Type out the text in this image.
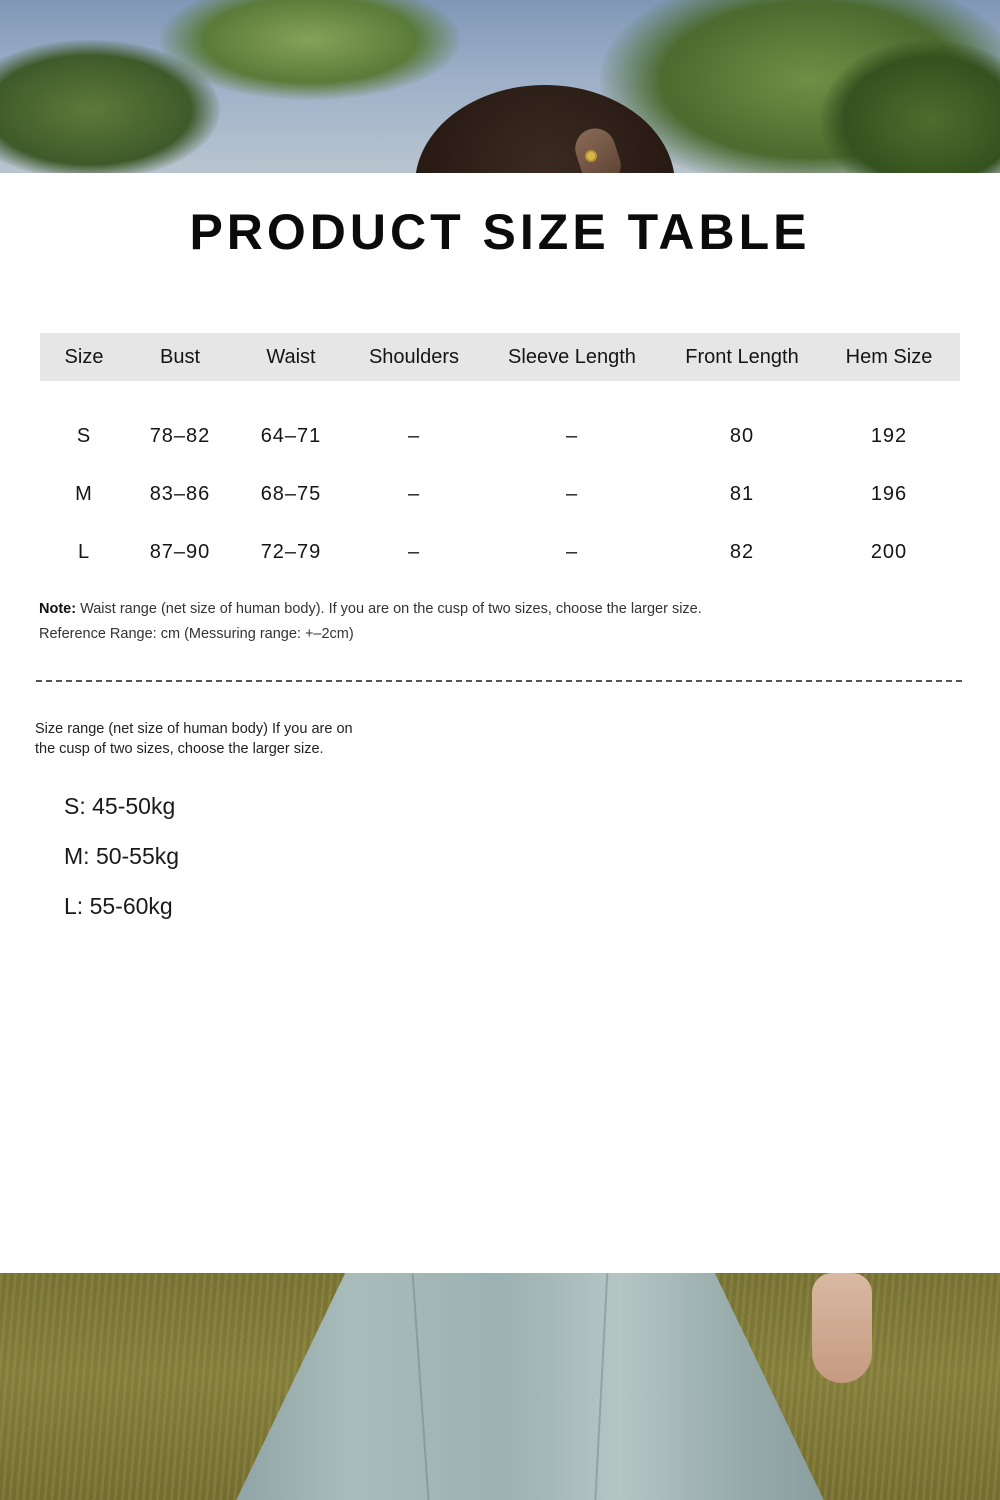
PRODUCT SIZE TABLE
Size	Bust	Waist	Shoulders	Sleeve Length	Front Length	Hem Size
S	78–82	64–71	–	–	80	192
M	83–86	68–75	–	–	81	196
L	87–90	72–79	–	–	82	200
Note: Waist range (net size of human body). If you are on the cusp of two sizes, choose the larger size.
Reference Range: cm (Messuring range: +–2cm)
Size range (net size of human body) If you are on the cusp of two sizes, choose the larger size.
S: 45-50kg
M: 50-55kg
L: 55-60kg
